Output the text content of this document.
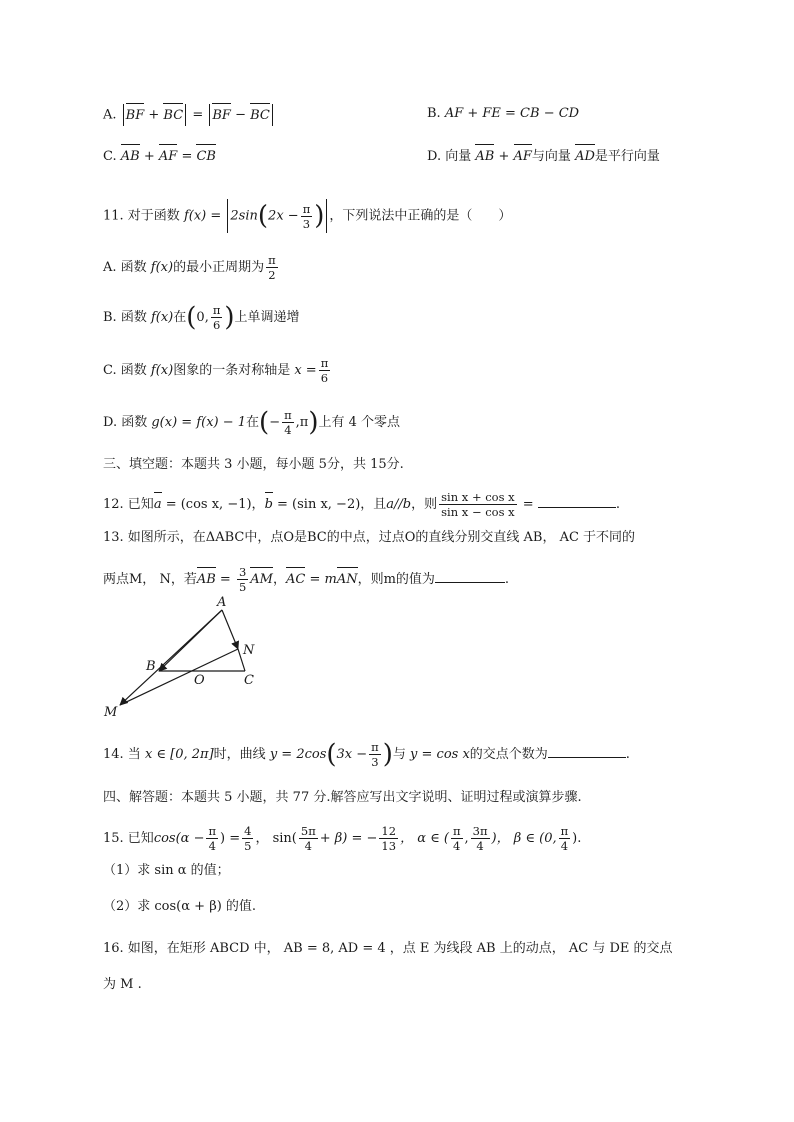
A. BF + BC = BF − BC	B. AF + FE = CB − CD
C. AB + AF = CB	D. 向量 AB + AF与向量 AD是平行向量
11. 对于函数 $f(x) = 2\sin(2x - \frac{\pi}{3}$ ) ，下列说法中正确的是（　　）
A. 函数 f(x)的最小正周期为 $\frac{\pi}{2}$
B. 函数 f(x)在(0, $\frac{\pi}{6}$ )上单调递增
C. 函数 f(x)图象的一条对称轴是 $x = \frac{\pi}{6}$
D. 函数 g(x) = f(x) − 1在(− $\frac{\pi}{4} ,\pi$)上有 4 个零点
三、填空题：本题共 3 小题，每小题 5分，共 15分.
12. 已知a = (cos x, −1)，b = (sin x, −2)，且a//b，则 $\frac{\text{sin x + cos x}}{\text{sin x − cos x}}$ =	.
13. 如图所示，在ΔABC中，点O是BC的中点，过点O的直线分别交直线 AB， AC 于不同的
两点M， N，若AB = $\frac{3}{5}$ AM，AC = mAN，则m的值为	.
A
N
B
O	C
M
14. 当 x ∈ [0, 2π]时，曲线 $y = 2\cos(3x - \frac{\pi}{3}$ )与 y = cos x的交点个数为	.
四、解答题：本题共 5 小题，共 77 分.解答应写出文字说明、证明过程或演算步骤.
15. 已知$\cos(\alpha - \frac{\pi}{4}$ ) = $\frac{4}{5}$ ， $\sin( \frac{5\pi}{4} + \beta)$ = − $\frac{12}{13}$ ， α ∈ ( $\frac{\pi}{4}$ , $\frac{3\pi}{4}$ )， β ∈ (0, $\frac{\pi}{4}$ ).
（1）求 sin α 的值；
（2）求 cos(α + β) 的值.
16. 如图，在矩形 ABCD 中， AB = 8, AD = 4 ，点 E 为线段 AB 上的动点， AC 与 DE 的交点
为 M .
